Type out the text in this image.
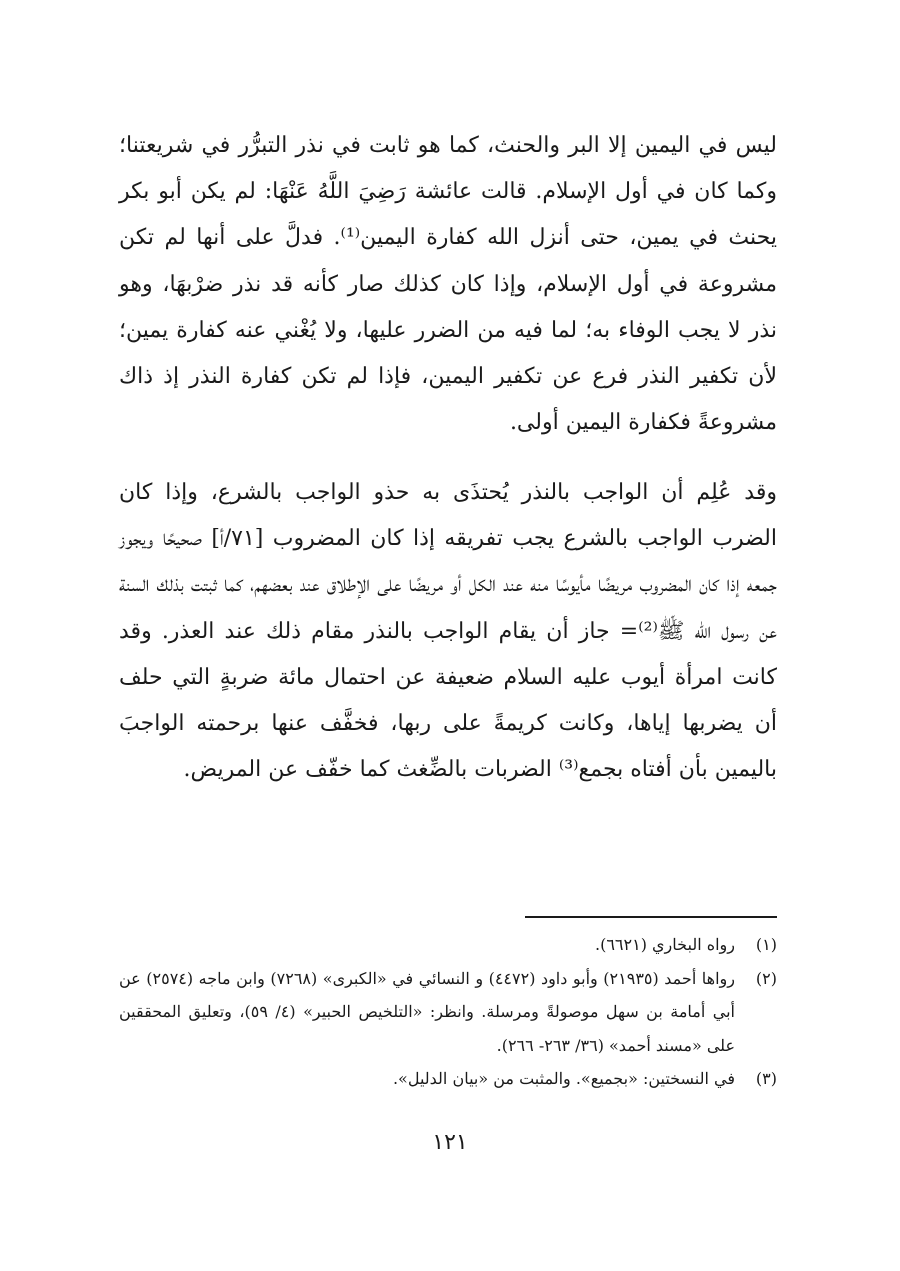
ليس في اليمين إلا البر والحنث، كما هو ثابت في نذر التبرُّر في شريعتنا؛ وكما كان في أول الإسلام. قالت عائشة رَضِيَ اللَّهُ عَنْهَا: لم يكن أبو بكر يحنث في يمين، حتى أنزل الله كفارة اليمين⁽¹⁾. فدلَّ على أنها لم تكن مشروعة في أول الإسلام، وإذا كان كذلك صار كأنه قد نذر ضرْبهَا، وهو نذر لا يجب الوفاء به؛ لما فيه من الضرر عليها، ولا يُغْني عنه كفارة يمين؛ لأن تكفير النذر فرع عن تكفير اليمين، فإذا لم تكن كفارة النذر إذ ذاك مشروعةً فكفارة اليمين أولى.

وقد عُلِم أن الواجب بالنذر يُحتذَى به حذو الواجب بالشرع، وإذا كان الضرب الواجب بالشرع يجب تفريقه إذا كان المضروب [٧١/أ] صحيحًا ويجوز جمعه إذا كان المضروب مريضًا مأيوسًا منه عند الكل أو مريضًا على الإطلاق عند بعضهم، كما ثبتت بذلك السنة عن رسول الله ﷺ⁽²⁾= جاز أن يقام الواجب بالنذر مقام ذلك عند العذر. وقد كانت امرأة أيوب عليه السلام ضعيفة عن احتمال مائة ضربةٍ التي حلف أن يضربها إياها، وكانت كريمةً على ربها، فخفَّف عنها برحمته الواجبَ باليمين بأن أفتاه بجمع⁽³⁾ الضربات بالضِّغث كما خفّف عن المريض.

(١)
رواه البخاري (٦٦٢١).
(٢)
رواها أحمد (٢١٩٣٥) وأبو داود (٤٤٧٢) و النسائي في «الكبرى» (٧٢٦٨) وابن ماجه (٢٥٧٤) عن أبي أمامة بن سهل موصولةً ومرسلة. وانظر: «التلخيص الحبير» (٤/ ٥٩)، وتعليق المحققين على «مسند أحمد» (٣٦/ ٢٦٣- ٢٦٦).
(٣)
في النسختين: «بجميع». والمثبت من «بيان الدليل».
١٢١
